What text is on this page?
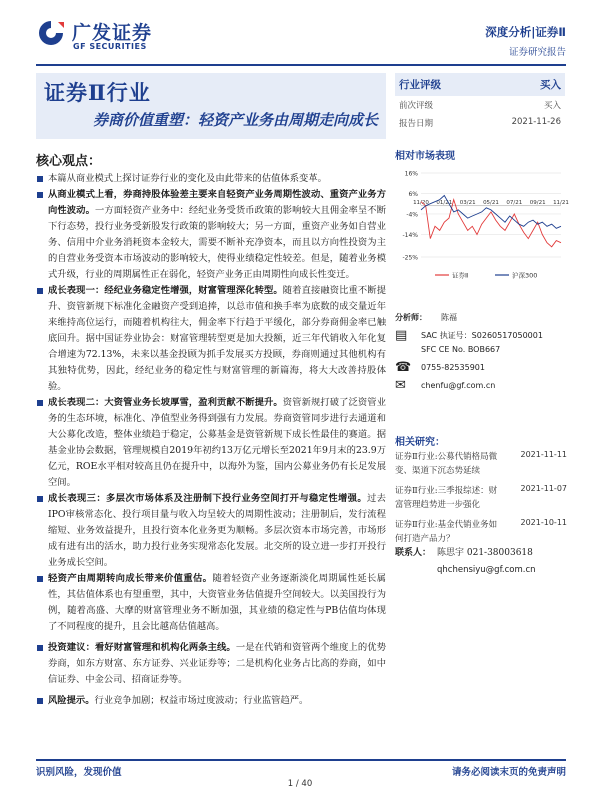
广发证券
GF SECURITIES
深度分析|证券Ⅱ
证券研究报告
证券Ⅱ行业
券商价值重塑：轻资产业务由周期走向成长
核心观点：
本篇从商业模式上探讨证券行业的变化及由此带来的估值体系变革。
从商业模式上看，券商持股体验差主要来自轻资产业务周期性波动、重资产业务方向性波动。一方面轻资产业务中：经纪业务受货币政策的影响较大且佣金率呈不断下行态势，投行业务受新股发行政策的影响较大；另一方面，重资产业务如自营业务、信用中介业务消耗资本金较大，需要不断补充净资本，而且以方向性投资为主的自营业务受资本市场波动的影响较大，使得业绩稳定性较差。但是，随着业务模式升级，行业的周期属性正在弱化，轻资产业务正由周期性向成长性变迁。
成长表现一：经纪业务稳定性增强，财富管理深化转型。随着直接融资比重不断提升、资管新规下标准化金融资产受到追捧，以总市值和换手率为底数的成交量近年来维持高位运行，而随着机构往大，佣金率下行趋于平缓化，部分券商佣金率已触底回升。据中国证券业协会：财富管理转型更是加大投额，近三年代销收入年化复合增速为72.13%，未来以基金投顾为抓手发展买方投顾，券商则通过其他机构有其独特优势，因此，经纪业务的稳定性与财富管理的新篇海，将大大改善持股体验。
成长表现二：大资管业务长坡厚雪，盈利贡献不断提升。资管新规打破了泛资管业务的生态环境，标准化、净值型业务得到强有力发展。券商资管同步进行去通道和大公募化改造，整体业绩趋于稳定，公募基金是资管新规下成长性最佳的赛道。据基金业协会数据，管理规模自2019年初约13万亿元增长至2021年9月末的23.9万亿元，ROE水平相对较高且仍在提升中，以海外为鉴，国内公募业务仍有长足发展空间。
成长表现三：多层次市场体系及注册制下投行业务空间打开与稳定性增强。过去IPO审核常态化、投行项目量与收入均呈较大的周期性波动；注册制后，发行流程缩短、业务效益提升，且投行资本化业务更为顺畅。多层次资本市场完善，市场形成有进有出的活水，助力投行业务实现常态化发展。北交所的设立进一步打开投行业务成长空间。
轻资产由周期转向成长带来价值重估。随着轻资产业务逐渐淡化周期属性延长属性，其估值体系也有望重塑，其中，大资管业务估值提升空间较大。以美国投行为例，随着高盛、大摩的财富管理业务不断加强，其业绩的稳定性与PB估值均体现了不同程度的提升，且会比越高估值越高。
投资建议：看好财富管理和机构化两条主线。一是在代销和资管两个维度上的优势券商，如东方财富、东方证券、兴业证券等；二是机构化业务占比高的券商，如中信证券、中金公司、招商证券等。
风险提示。行业竞争加剧；权益市场过度波动；行业监管趋严。
行业评级	买入
前次评级	买入
报告日期	2021-11-26
相对市场表现
16%
6%
-4%
-14%
-25%
11/20 01/21 03/21 05/21 07/21 09/21 11/21
证券Ⅱ	沪深300
分析师：	陈福
▤	SAC 执证号：S0260517050001
SFC CE No. BOB667
☎	0755-82535901
✉	chenfu@gf.com.cn
相关研究：
证券Ⅱ行业:公募代销格局微变、渠道下沉态势延续
2021-11-11
证券Ⅱ行业:三季报综述：财富管理趋势进一步强化
2021-11-07
证券Ⅱ行业:基金代销业务如何打造产品力？
2021-10-11
联系人： 陈思宇 021-38003618
qhchensiyu@gf.com.cn
识别风险，发现价值	请务必阅读末页的免责声明
1 / 40
